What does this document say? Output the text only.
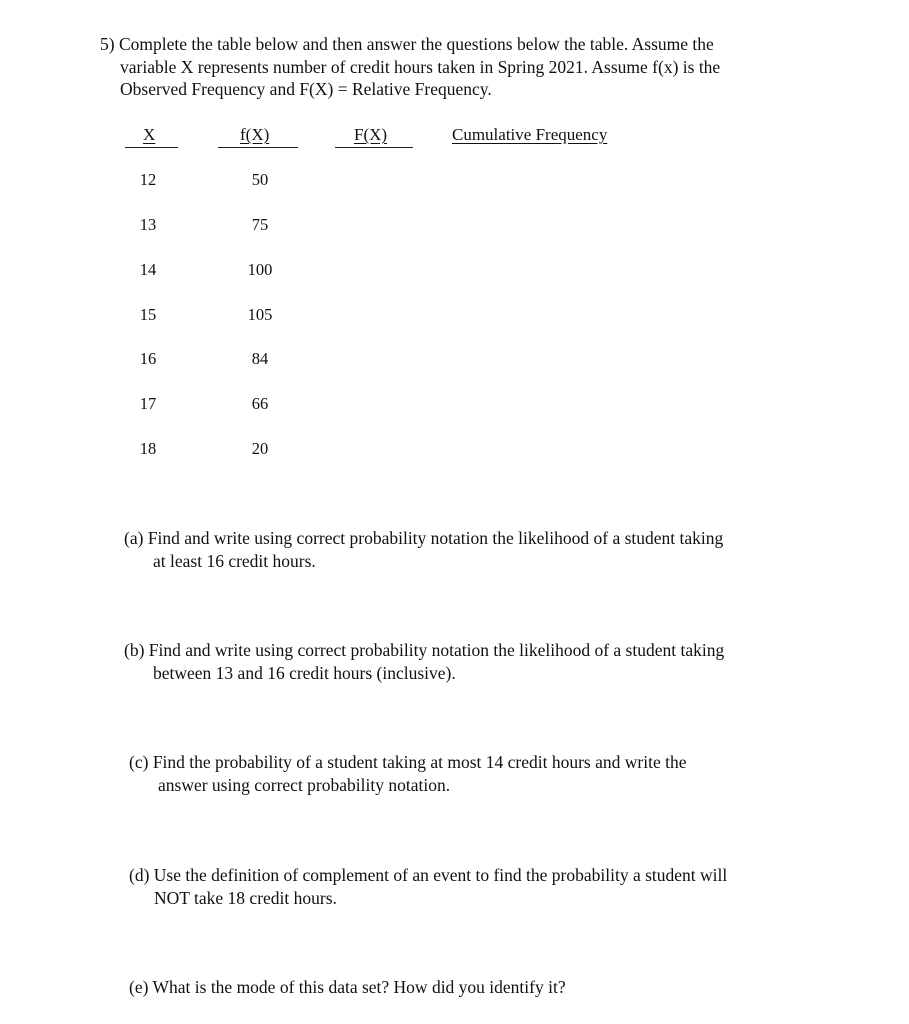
5) Complete the table below and then answer the questions below the table. Assume the
variable X represents number of credit hours taken in Spring 2021. Assume f(x) is the
Observed Frequency and F(X) = Relative Frequency.
X	f(X)	F(X)	Cumulative Frequency
12	50
13	75
14	100
15	105
16	84
17	66
18	20
(a) Find and write using correct probability notation the likelihood of a student taking
at least 16 credit hours.
(b) Find and write using correct probability notation the likelihood of a student taking
between 13 and 16 credit hours (inclusive).
(c) Find the probability of a student taking at most 14 credit hours and write the
answer using correct probability notation.
(d) Use the definition of complement of an event to find the probability a student will
NOT take 18 credit hours.
(e) What is the mode of this data set? How did you identify it?
